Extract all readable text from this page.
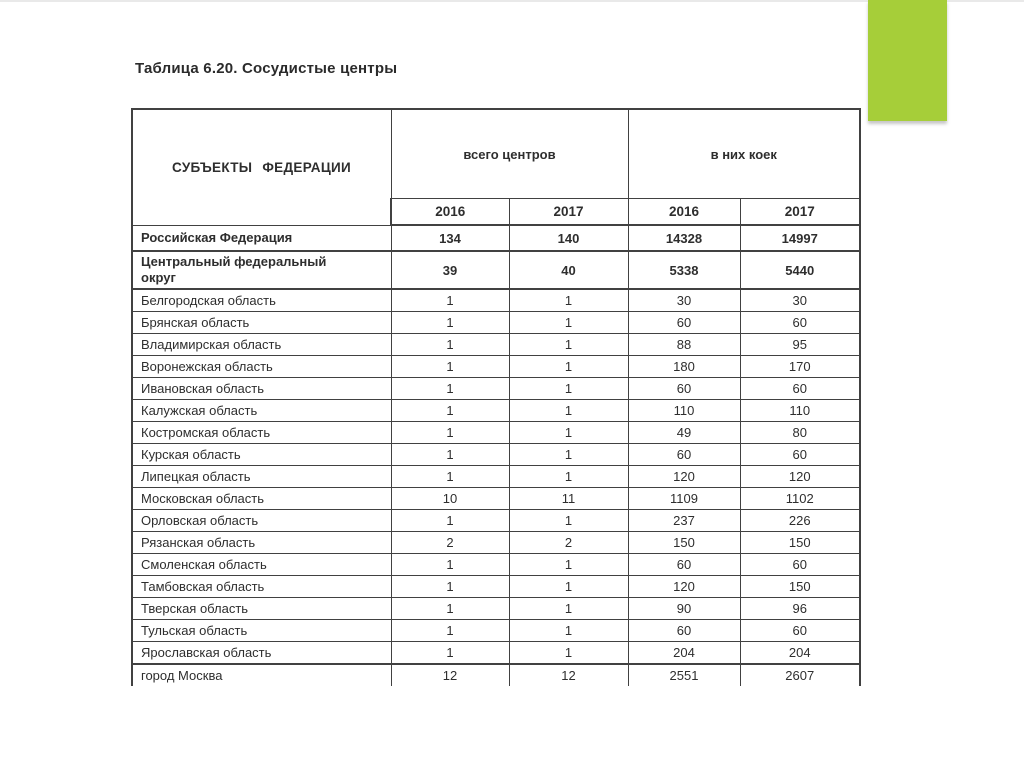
Таблица 6.20. Сосудистые центры
СУБЪЕКТЫ ФЕДЕРАЦИИ	всего центров		в них коек	
	2016	2017	2016	2017
Российская Федерация	134	140	14328	14997
Центральный федеральный округ	39	40	5338	5440
Белгородская область	1	1	30	30
Брянская область	1	1	60	60
Владимирская область	1	1	88	95
Воронежская область	1	1	180	170
Ивановская область	1	1	60	60
Калужская область	1	1	110	110
Костромская область	1	1	49	80
Курская область	1	1	60	60
Липецкая область	1	1	120	120
Московская область	10	11	1109	1102
Орловская область	1	1	237	226
Рязанская область	2	2	150	150
Смоленская область	1	1	60	60
Тамбовская область	1	1	120	150
Тверская область	1	1	90	96
Тульская область	1	1	60	60
Ярославская область	1	1	204	204
город Москва	12	12	2551	2607
